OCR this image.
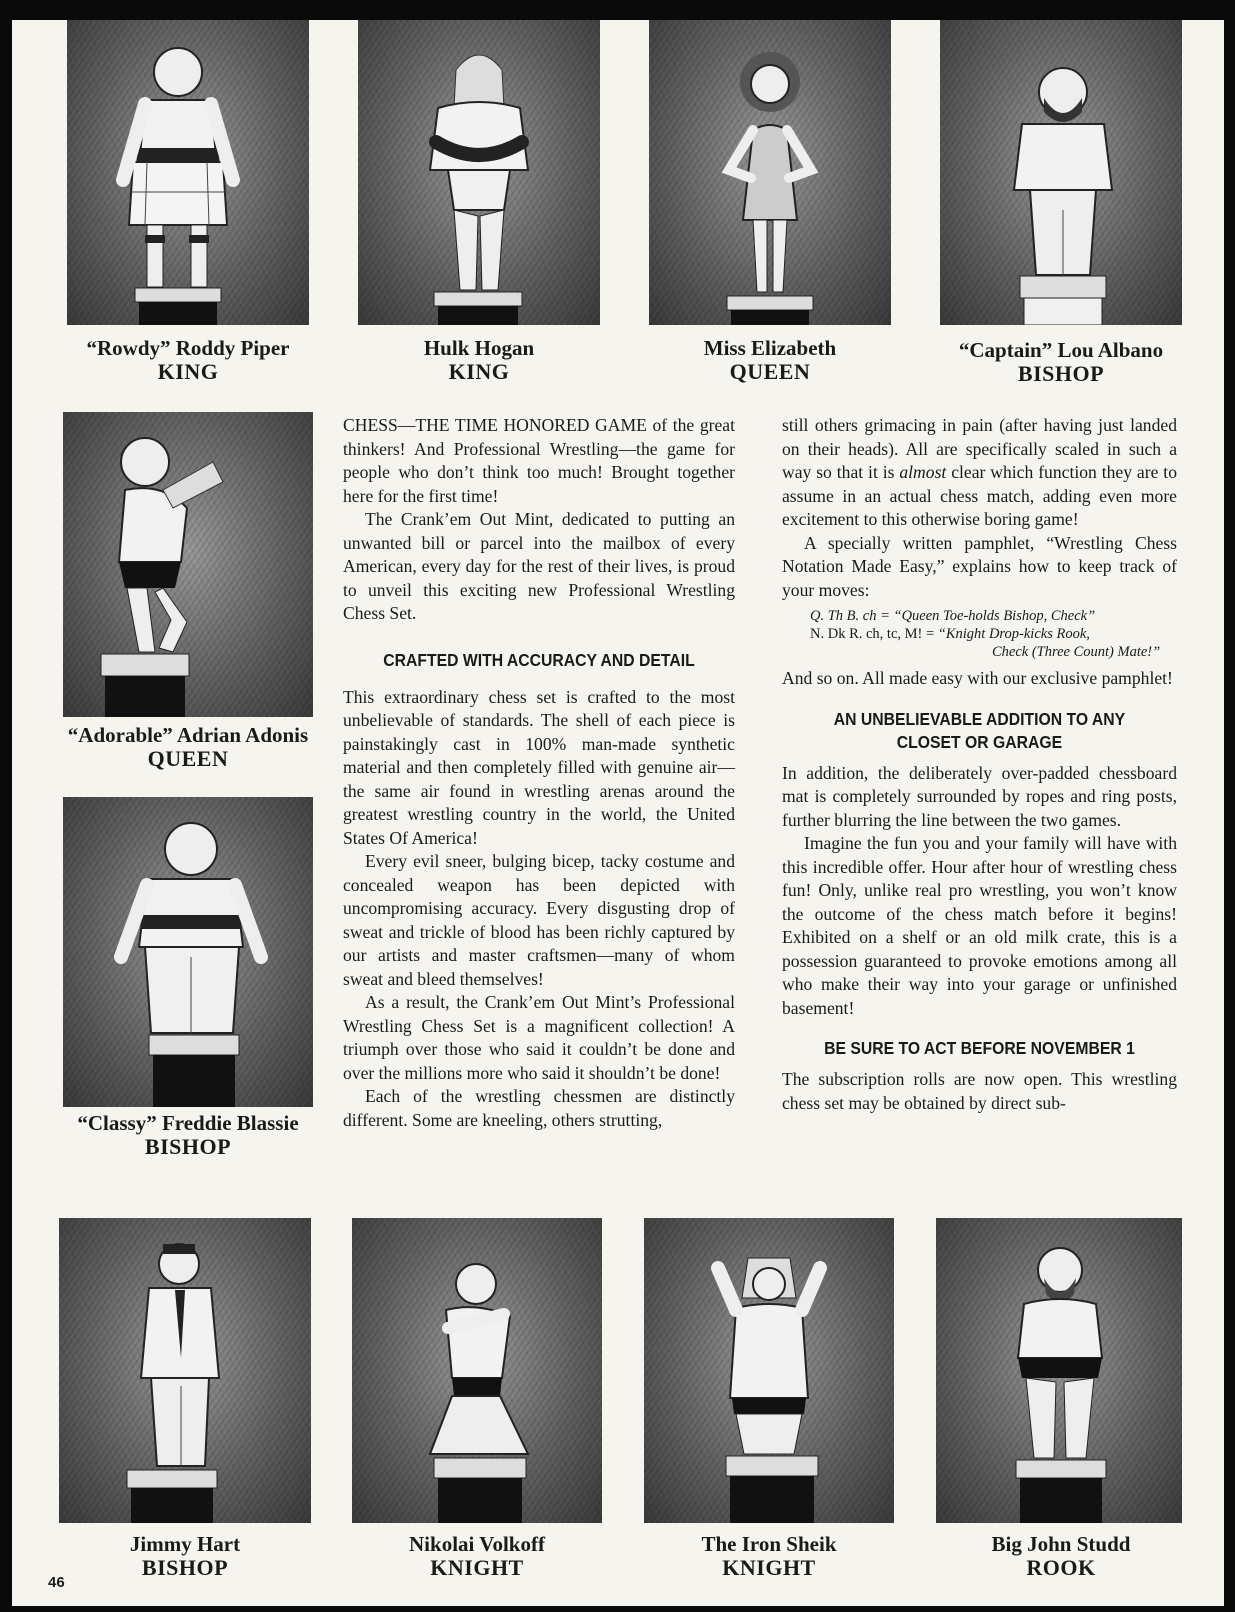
“Rowdy” Roddy Piper
KING
Hulk Hogan
KING
Miss Elizabeth
QUEEN
“Captain” Lou Albano
BISHOP
“Adorable” Adrian Adonis
QUEEN
“Classy” Freddie Blassie
BISHOP

CHESS—THE TIME HONORED GAME of the great thinkers! And Professional Wrestling—the game for people who don’t think too much! Brought together here for the first time!

The Crank’em Out Mint, dedicated to putting an unwanted bill or parcel into the mailbox of every American, every day for the rest of their lives, is proud to unveil this exciting new Professional Wrestling Chess Set.

CRAFTED WITH ACCURACY AND DETAIL

This extraordinary chess set is crafted to the most unbelievable of standards. The shell of each piece is painstakingly cast in 100% man-made synthetic material and then completely filled with genuine air—the same air found in wrestling arenas around the greatest wrestling country in the world, the United States Of America!

Every evil sneer, bulging bicep, tacky costume and concealed weapon has been depicted with uncompromising accuracy. Every disgusting drop of sweat and trickle of blood has been richly captured by our artists and master craftsmen—many of whom sweat and bleed themselves!

As a result, the Crank’em Out Mint’s Professional Wrestling Chess Set is a magnificent collection! A triumph over those who said it couldn’t be done and over the millions more who said it shouldn’t be done!

Each of the wrestling chessmen are distinctly different. Some are kneeling, others strutting,

still others grimacing in pain (after having just landed on their heads). All are specifically scaled in such a way so that it is almost clear which function they are to assume in an actual chess match, adding even more excitement to this otherwise boring game!

A specially written pamphlet, “Wrestling Chess Notation Made Easy,” explains how to keep track of your moves:

Q. Th B. ch = “Queen Toe-holds Bishop, Check”
N. Dk R. ch, tc, M! = “Knight Drop-kicks Rook,
Check (Three Count) Mate!”

And so on. All made easy with our exclusive pamphlet!

AN UNBELIEVABLE ADDITION TO ANY CLOSET OR GARAGE

In addition, the deliberately over-padded chessboard mat is completely surrounded by ropes and ring posts, further blurring the line between the two games.

Imagine the fun you and your family will have with this incredible offer. Hour after hour of wrestling chess fun! Only, unlike real pro wrestling, you won’t know the outcome of the chess match before it begins! Exhibited on a shelf or an old milk crate, this is a possession guaranteed to provoke emotions among all who make their way into your garage or unfinished basement!

BE SURE TO ACT BEFORE NOVEMBER 1

The subscription rolls are now open. This wrestling chess set may be obtained by direct sub-

Jimmy Hart
BISHOP
Nikolai Volkoff
KNIGHT
The Iron Sheik
KNIGHT
Big John Studd
ROOK
46
